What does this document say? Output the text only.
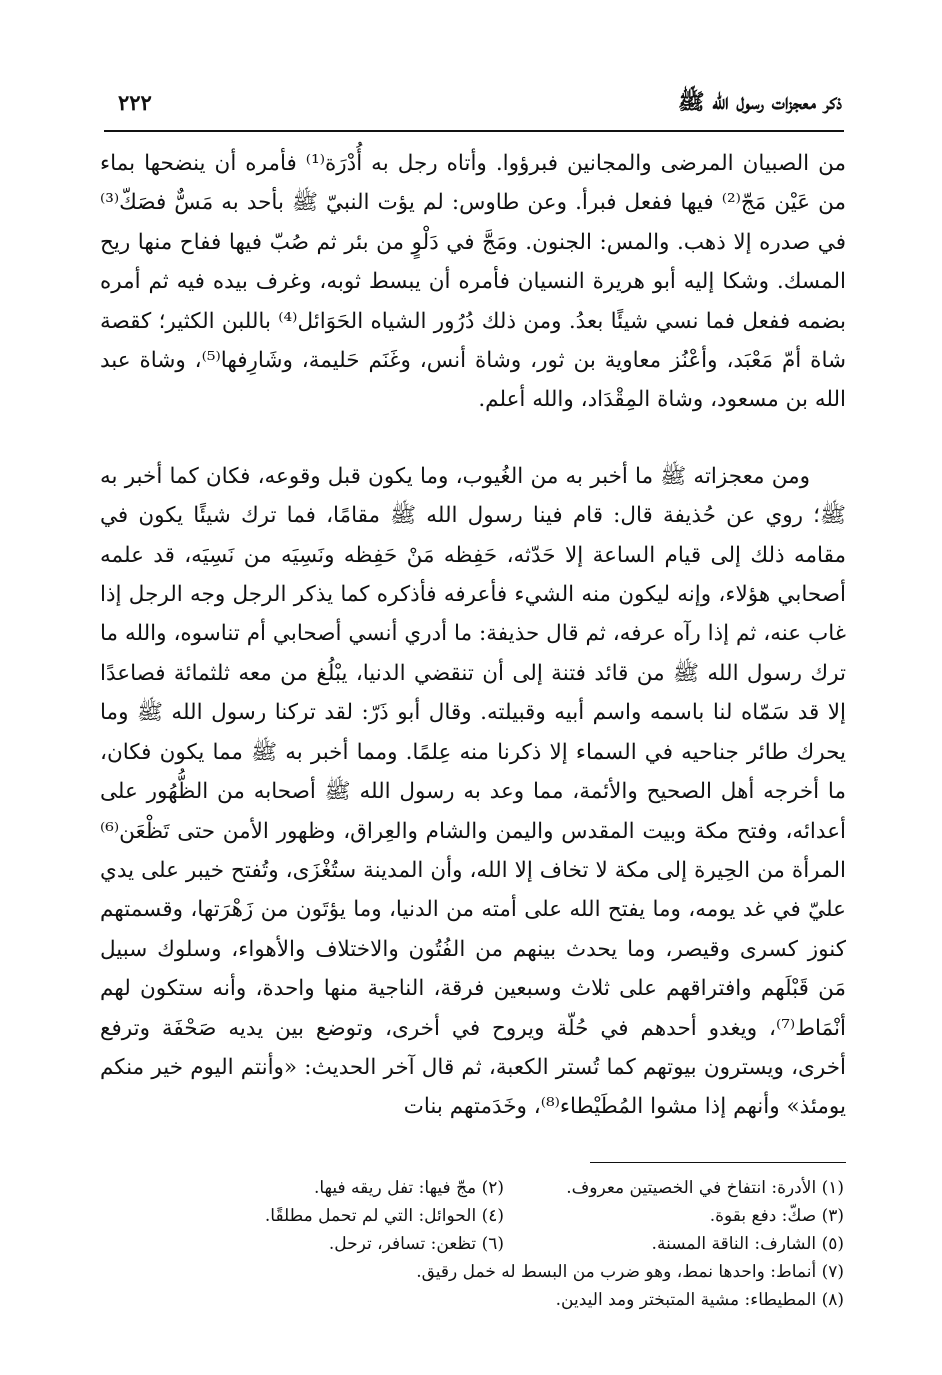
ذكر معجزات رسول الله ﷺ
٢٢٢

من الصبيان المرضى والمجانين فبرؤوا. وأتاه رجل به أُدْرَة⁽¹⁾ فأمره أن ينضحها بماء من عَيْن مَجّ⁽²⁾ فيها ففعل فبرأ. وعن طاوس: لم يؤت النبيّ ﷺ بأحد به مَسٌّ فصَكّ⁽³⁾ في صدره إلا ذهب. والمس: الجنون. ومَجَّ في دَلْوٍ من بئر ثم صُبّ فيها ففاح منها ريح المسك. وشكا إليه أبو هريرة النسيان فأمره أن يبسط ثوبه، وغرف بيده فيه ثم أمره بضمه ففعل فما نسي شيئًا بعدُ. ومن ذلك دُرُور الشياه الحَوَائل⁽⁴⁾ باللبن الكثير؛ كقصة شاة أمّ مَعْبَد، وأعْنُز معاوية بن ثور، وشاة أنس، وغَنَم حَليمة، وشَارِفها⁽⁵⁾، وشاة عبد الله بن مسعود، وشاة المِقْدَاد، والله أعلم.

ومن معجزاته ﷺ ما أخبر به من الغُيوب، وما يكون قبل وقوعه، فكان كما أخبر به ﷺ؛ روي عن حُذيفة قال: قام فينا رسول الله ﷺ مقامًا، فما ترك شيئًا يكون في مقامه ذلك إلى قيام الساعة إلا حَدّثه، حَفِظه مَنْ حَفِظه ونَسِيَه من نَسِيَه، قد علمه أصحابي هؤلاء، وإنه ليكون منه الشيء فأعرفه فأذكره كما يذكر الرجل وجه الرجل إذا غاب عنه، ثم إذا رآه عرفه، ثم قال حذيفة: ما أدري أنسي أصحابي أم تناسوه، والله ما ترك رسول الله ﷺ من قائد فتنة إلى أن تنقضي الدنيا، يبْلُغ من معه ثلثمائة فصاعدًا إلا قد سَمّاه لنا باسمه واسم أبيه وقبيلته. وقال أبو ذَرّ: لقد تركنا رسول الله ﷺ وما يحرك طائر جناحيه في السماء إلا ذكرنا منه عِلمًا. ومما أخبر به ﷺ مما يكون فكان، ما أخرجه أهل الصحيح والأئمة، مما وعد به رسول الله ﷺ أصحابه من الظُّهُور على أعدائه، وفتح مكة وبيت المقدس واليمن والشام والعِراق، وظهور الأمن حتى تَظْعَن⁽⁶⁾ المرأة من الحِيرة إلى مكة لا تخاف إلا الله، وأن المدينة ستُغْزَى، وتُفتح خيبر على يدي عليّ في غد يومه، وما يفتح الله على أمته من الدنيا، وما يؤتَون من زَهْرَتها، وقسمتهم كنوز كسرى وقيصر، وما يحدث بينهم من الفُتُون والاختلاف والأهواء، وسلوك سبيل مَن قَبْلَهم وافتراقهم على ثلاث وسبعين فرقة، الناجية منها واحدة، وأنه ستكون لهم أنْمَاط⁽⁷⁾، ويغدو أحدهم في حُلّة ويروح في أخرى، وتوضع بين يديه صَحْفَة وترفع أخرى، ويسترون بيوتهم كما تُستر الكعبة، ثم قال آخر الحديث: «وأنتم اليوم خير منكم يومئذ» وأنهم إذا مشوا المُطَيْطاء⁽⁸⁾، وخَدَمتهم بنات

(١) الأدرة: انتفاخ في الخصيتين معروف.
(٢) مجّ فيها: تفل ريقه فيها.
(٣) صكّ: دفع بقوة.
(٤) الحوائل: التي لم تحمل مطلقًا.
(٥) الشارف: الناقة المسنة.
(٦) تظعن: تسافر، ترحل.
(٧) أنماط: واحدها نمط، وهو ضرب من البسط له خمل رقيق.
(٨) المطيطاء: مشية المتبختر ومد اليدين.
